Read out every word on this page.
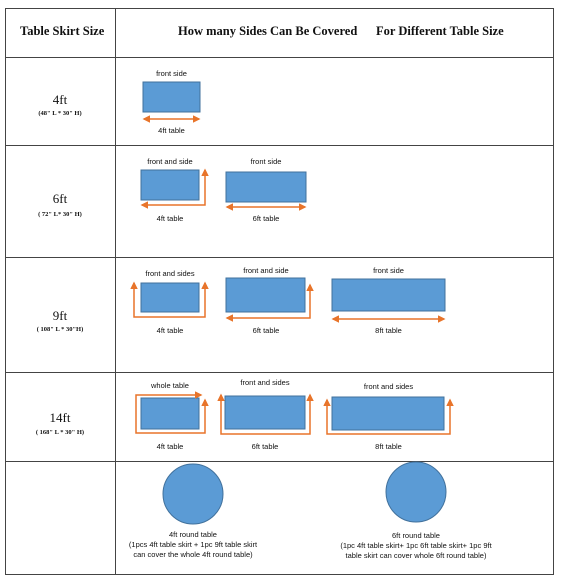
Table Skirt Size	How many Sides Can Be Covered For Different Table Size
4ft
(48" L * 30" H)
6ft
( 72" L* 30" H)
9ft
( 108" L * 30"H)
14ft
( 168" L * 30" H)
front side
4ft table
front and side
4ft table
front side
6ft table
front and sides
4ft table
front and side
6ft table
front side
8ft table
whole table
4ft table
front and sides
6ft table
front and sides
8ft table
4ft round table
(1pcs 4ft table skirt + 1pc 9ft table skirt
can cover the whole 4ft round table)
6ft round table
(1pc 4ft table skirt+ 1pc 6ft table skirt+ 1pc 9ft
table skirt can cover whole 6ft round table)
